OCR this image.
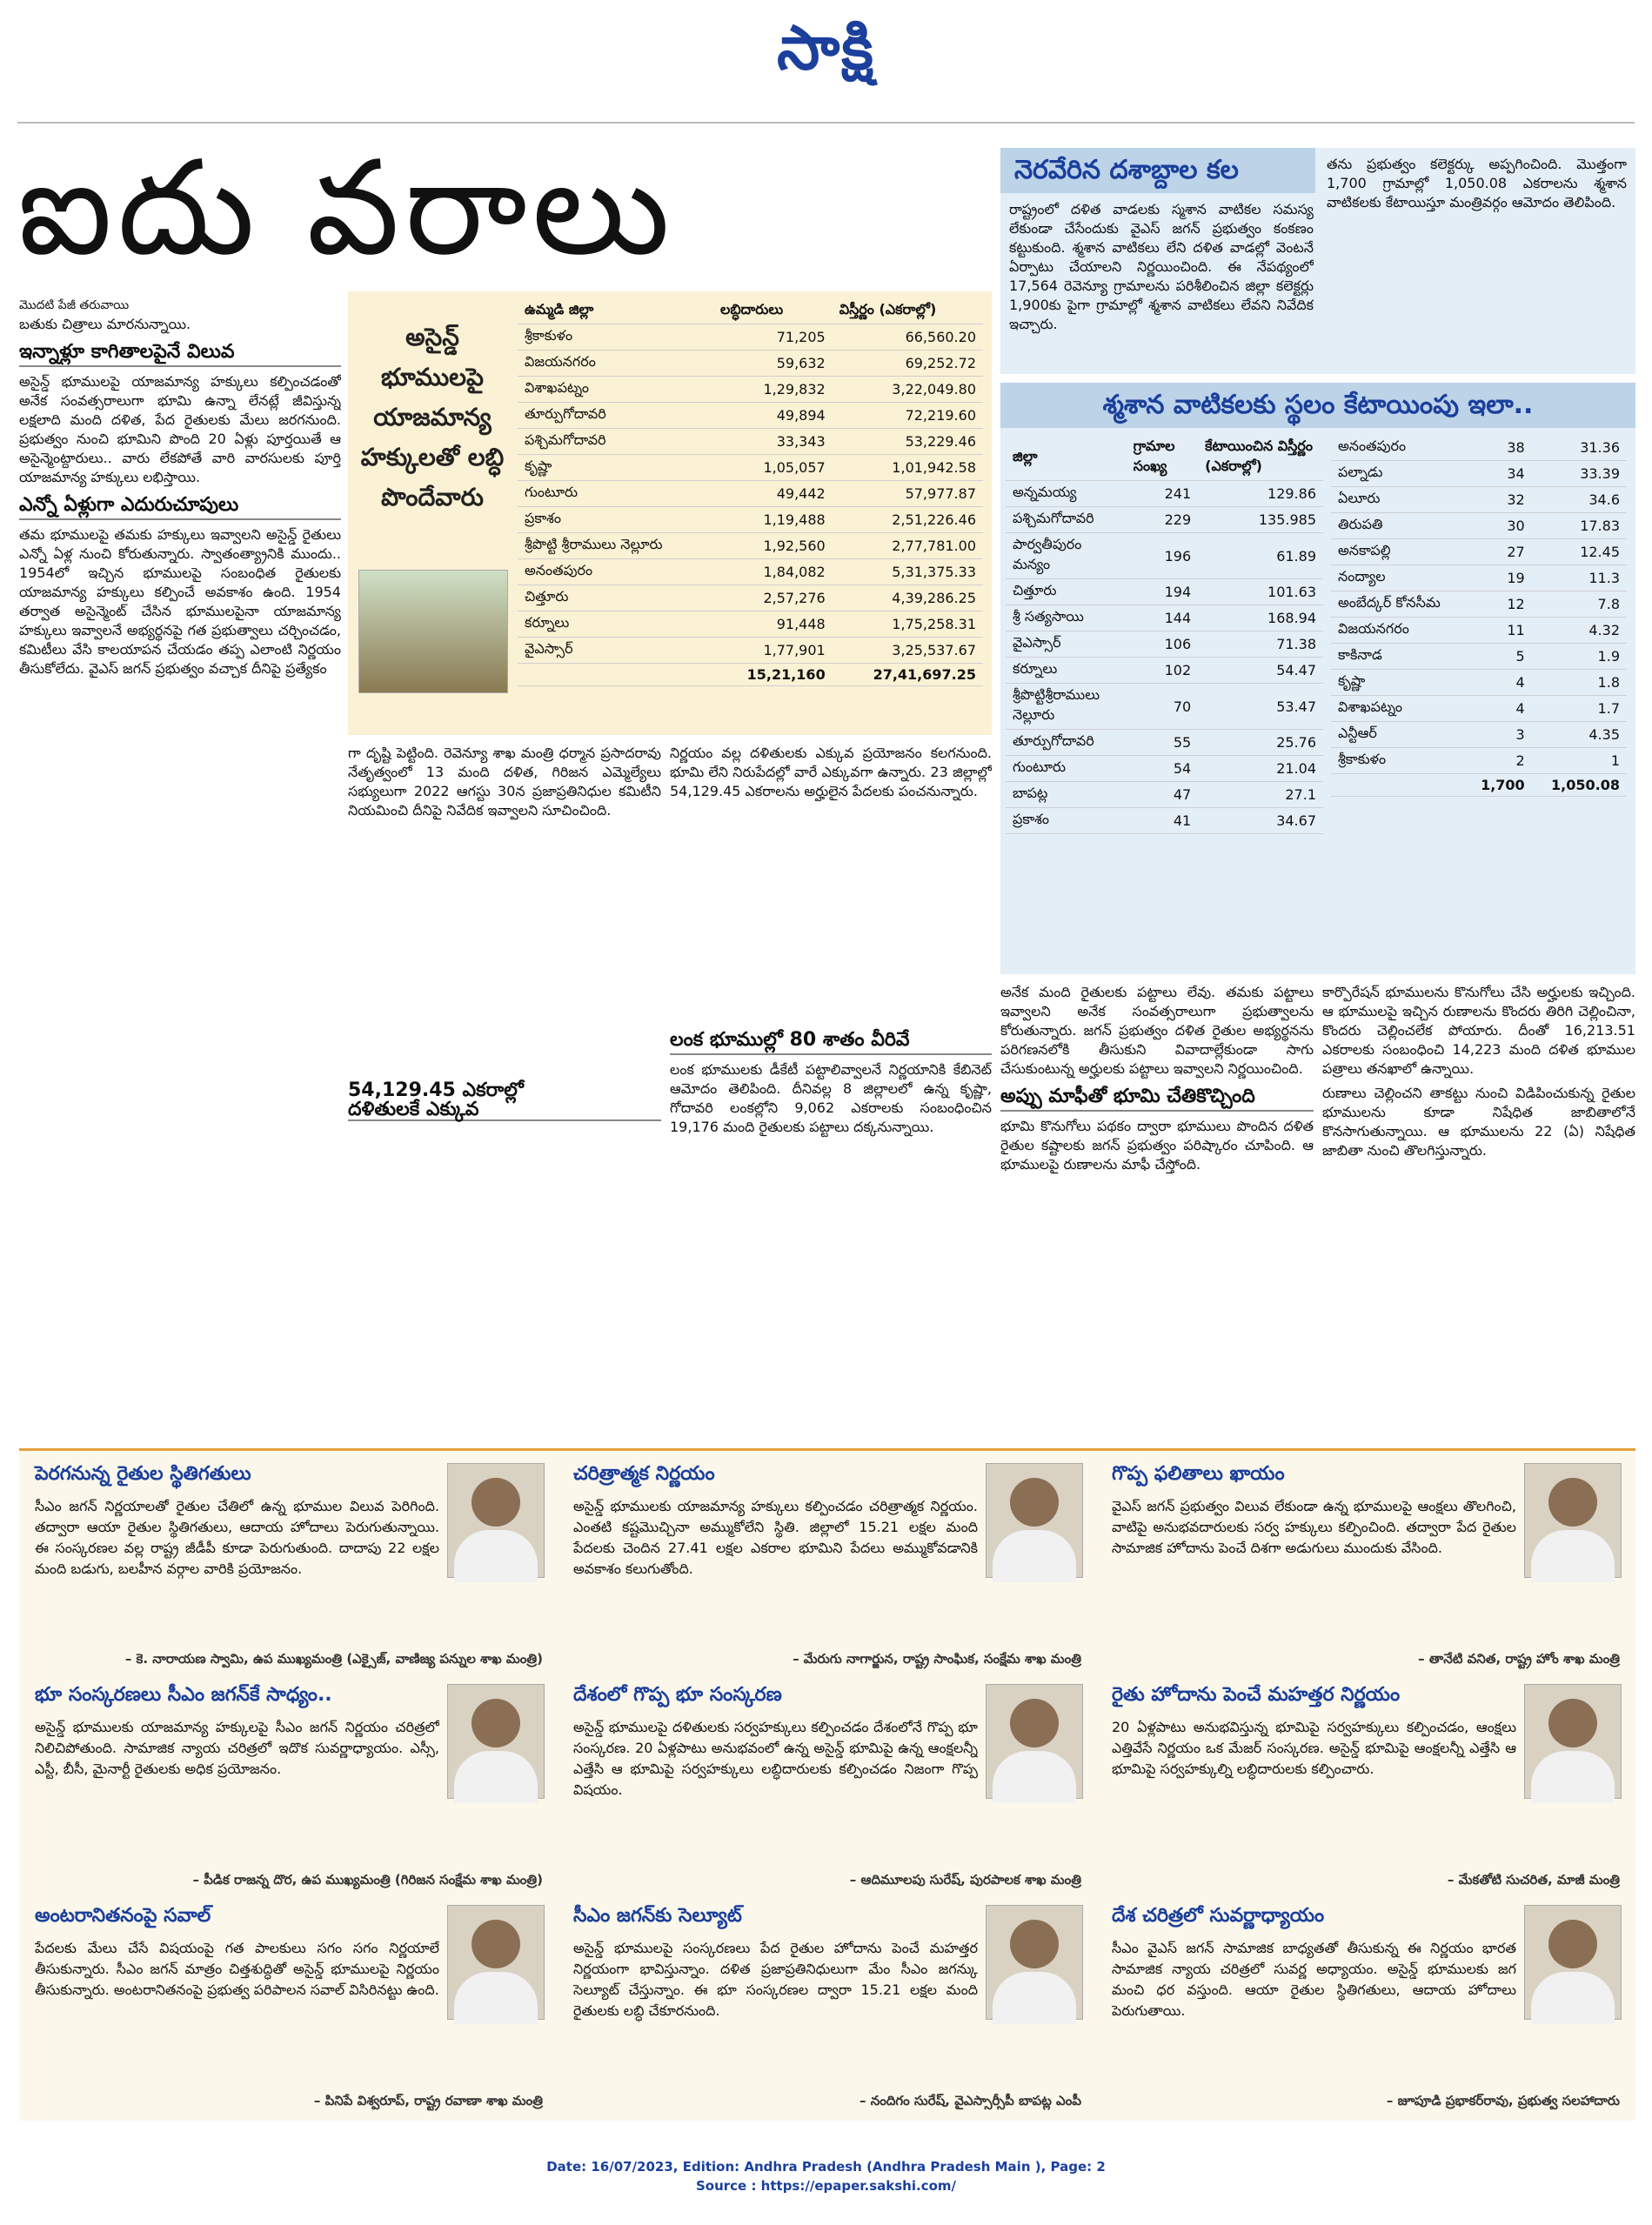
సాక్షి
ఐదు వరాలు
మొదటి పేజీ తరువాయి
బతుకు చిత్రాలు మారనున్నాయి.
ఇన్నాళ్లూ కాగితాలపైనే విలువ

అసైన్డ్ భూములపై యాజమాన్య హక్కులు కల్పించడంతో అనేక సంవత్సరాలుగా భూమి ఉన్నా లేనట్లే జీవిస్తున్న లక్షలాది మంది దళిత, పేద రైతులకు మేలు జరగనుంది. ప్రభుత్వం నుంచి భూమిని పొంది 20 ఏళ్లు పూర్తయితే ఆ అసైన్మెంట్దారులు.. వారు లేకపోతే వారి వారసులకు పూర్తి యాజమాన్య హక్కులు లభిస్తాయి.

ఎన్నో ఏళ్లుగా ఎదురుచూపులు

తమ భూములపై తమకు హక్కులు ఇవ్వాలని అసైన్డ్ రైతులు ఎన్నో ఏళ్ల నుంచి కోరుతున్నారు. స్వాతంత్య్రానికి ముందు.. 1954లో ఇచ్చిన భూములపై సంబంధిత రైతులకు యాజమాన్య హక్కులు కల్పించే అవకాశం ఉంది. 1954 తర్వాత అసైన్మెంట్ చేసిన భూములపైనా యాజమాన్య హక్కులు ఇవ్వాలనే అభ్యర్థనపై గత ప్రభుత్వాలు చర్చించడం, కమిటీలు వేసి కాలయాపన చేయడం తప్ప ఎలాంటి నిర్ణయం తీసుకోలేదు. వైఎస్ జగన్ ప్రభుత్వం వచ్చాక దీనిపై ప్రత్యేకం

అసైన్డ్ భూములపై యాజమాన్య హక్కులతో లబ్ధి పొందేవారు
ఉమ్మడి జిల్లా	లబ్ధిదారులు	విస్తీర్ణం (ఎకరాల్లో)
శ్రీకాకుళం	71,205	66,560.20
విజయనగరం	59,632	69,252.72
విశాఖపట్నం	1,29,832	3,22,049.80
తూర్పుగోదావరి	49,894	72,219.60
పశ్చిమగోదావరి	33,343	53,229.46
కృష్ణా	1,05,057	1,01,942.58
గుంటూరు	49,442	57,977.87
ప్రకాశం	1,19,488	2,51,226.46
శ్రీపొట్టి శ్రీరాములు నెల్లూరు	1,92,560	2,77,781.00
అనంతపురం	1,84,082	5,31,375.33
చిత్తూరు	2,57,276	4,39,286.25
కర్నూలు	91,448	1,75,258.31
వైఎస్సార్	1,77,901	3,25,537.67
	15,21,160	27,41,697.25

గా దృష్టి పెట్టింది. రెవెన్యూ శాఖ మంత్రి ధర్మాన ప్రసాదరావు నేతృత్వంలో 13 మంది దళిత, గిరిజన ఎమ్మెల్యేలు సభ్యులుగా 2022 ఆగస్టు 30న ప్రజాప్రతినిధుల కమిటీని నియమించి దీనిపై నివేదిక ఇవ్వాలని సూచించింది.

54,129.45 ఎకరాల్లో
దళితులకే ఎక్కువ

నిర్ణయం వల్ల దళితులకు ఎక్కువ ప్రయోజనం కలగనుంది. భూమి లేని నిరుపేదల్లో వారే ఎక్కువగా ఉన్నారు. 23 జిల్లాల్లో 54,129.45 ఎకరాలను అర్హులైన పేదలకు పంచనున్నారు.

లంక భూముల్లో 80 శాతం వీరివే

లంక భూములకు డీకేటీ పట్టాలివ్వాలనే నిర్ణయానికి కేబినెట్ ఆమోదం తెలిపింది. దీనివల్ల 8 జిల్లాలలో ఉన్న కృష్ణా, గోదావరి లంకల్లోని 9,062 ఎకరాలకు సంబంధించిన 19,176 మంది రైతులకు పట్టాలు దక్కనున్నాయి.

నెరవేరిన దశాబ్దాల కల

రాష్ట్రంలో దళిత వాడలకు స్మశాన వాటికల సమస్య లేకుండా చేసేందుకు వైఎస్ జగన్ ప్రభుత్వం కంకణం కట్టుకుంది. శ్మశాన వాటికలు లేని దళిత వాడల్లో వెంటనే ఏర్పాటు చేయాలని నిర్ణయించింది. ఈ నేపథ్యంలో 17,564 రెవెన్యూ గ్రామాలను పరిశీలించిన జిల్లా కలెక్టర్లు 1,900కు పైగా గ్రామాల్లో శ్మశాన వాటికలు లేవని నివేదిక ఇచ్చారు.

తను ప్రభుత్వం కలెక్టర్కు అప్పగించింది. మొత్తంగా 1,700 గ్రామాల్లో 1,050.08 ఎకరాలను శ్మశాన వాటికలకు కేటాయిస్తూ మంత్రివర్గం ఆమోదం తెలిపింది.

శ్మశాన వాటికలకు స్థలం కేటాయింపు ఇలా..
జిల్లా	గ్రామాల సంఖ్య	కేటాయించిన విస్తీర్ణం (ఎకరాల్లో)
అన్నమయ్య	241	129.86
పశ్చిమగోదావరి	229	135.985
పార్వతీపురం మన్యం	196	61.89
చిత్తూరు	194	101.63
శ్రీ సత్యసాయి	144	168.94
వైఎస్సార్	106	71.38
కర్నూలు	102	54.47
శ్రీపొట్టిశ్రీరాములు నెల్లూరు	70	53.47
తూర్పుగోదావరి	55	25.76
గుంటూరు	54	21.04
బాపట్ల	47	27.1
ప్రకాశం	41	34.67
అనంతపురం	38	31.36
పల్నాడు	34	33.39
ఏలూరు	32	34.6
తిరుపతి	30	17.83
అనకాపల్లి	27	12.45
నంద్యాల	19	11.3
అంబేద్కర్ కోనసీమ	12	7.8
విజయనగరం	11	4.32
కాకినాడ	5	1.9
కృష్ణా	4	1.8
విశాఖపట్నం	4	1.7
ఎన్టీఆర్	3	4.35
శ్రీకాకుళం	2	1
	1,700	1,050.08

అనేక మంది రైతులకు పట్టాలు లేవు. తమకు పట్టాలు ఇవ్వాలని అనేక సంవత్సరాలుగా ప్రభుత్వాలను కోరుతున్నారు. జగన్ ప్రభుత్వం దళిత రైతుల అభ్యర్థనను పరిగణనలోకి తీసుకుని వివాదాల్లేకుండా సాగు చేసుకుంటున్న అర్హులకు పట్టాలు ఇవ్వాలని నిర్ణయించింది.

అప్పు మాఫీతో భూమి చేతికొచ్చింది

భూమి కొనుగోలు పథకం ద్వారా భూములు పొందిన దళిత రైతుల కష్టాలకు జగన్ ప్రభుత్వం పరిష్కారం చూపింది. ఆ భూములపై రుణాలను మాఫీ చేస్తోంది.

కార్పొరేషన్ భూములను కొనుగోలు చేసి అర్హులకు ఇచ్చింది. ఆ భూములపై ఇచ్చిన రుణాలను కొందరు తిరిగి చెల్లించినా, కొందరు చెల్లించలేక పోయారు. దీంతో 16,213.51 ఎకరాలకు సంబంధించి 14,223 మంది దళిత భూముల పత్రాలు తనఖాలో ఉన్నాయి.

రుణాలు చెల్లించని తాకట్టు నుంచి విడిపించుకున్న రైతుల భూములను కూడా నిషేధిత జాబితాలోనే కొనసాగుతున్నాయి. ఆ భూములను 22 (ఏ) నిషేధిత జాబితా నుంచి తొలగిస్తున్నారు.

పెరగనున్న రైతుల స్థితిగతులు
సీఎం జగన్ నిర్ణయాలతో రైతుల చేతిలో ఉన్న భూముల విలువ పెరిగింది. తద్వారా ఆయా రైతుల స్థితిగతులు, ఆదాయ హోదాలు పెరుగుతున్నాయి. ఈ సంస్కరణల వల్ల రాష్ట్ర జీడీపీ కూడా పెరుగుతుంది. దాదాపు 22 లక్షల మంది బడుగు, బలహీన వర్గాల వారికి ప్రయోజనం.
– కె. నారాయణ స్వామి, ఉప ముఖ్యమంత్రి (ఎక్సైజ్, వాణిజ్య పన్నుల శాఖ మంత్రి)
చరిత్రాత్మక నిర్ణయం
అసైన్డ్ భూములకు యాజమాన్య హక్కులు కల్పించడం చరిత్రాత్మక నిర్ణయం. ఎంతటి కష్టమొచ్చినా అమ్ముకోలేని స్థితి. జిల్లాలో 15.21 లక్షల మంది పేదలకు చెందిన 27.41 లక్షల ఎకరాల భూమిని పేదలు అమ్ముకోవడానికి అవకాశం కలుగుతోంది.
– మేరుగు నాగార్జున, రాష్ట్ర సాంఘిక, సంక్షేమ శాఖ మంత్రి
గొప్ప ఫలితాలు ఖాయం
వైఎస్ జగన్ ప్రభుత్వం విలువ లేకుండా ఉన్న భూములపై ఆంక్షలు తొలగించి, వాటిపై అనుభవదారులకు సర్వ హక్కులు కల్పించింది. తద్వారా పేద రైతుల సామాజిక హోదాను పెంచే దిశగా అడుగులు ముందుకు వేసింది.
– తానేటి వనిత, రాష్ట్ర హోం శాఖ మంత్రి
భూ సంస్కరణలు సీఎం జగన్‌కే సాధ్యం..
అసైన్డ్ భూములకు యాజమాన్య హక్కులపై సీఎం జగన్ నిర్ణయం చరిత్రలో నిలిచిపోతుంది. సామాజిక న్యాయ చరిత్రలో ఇదొక సువర్ణాధ్యాయం. ఎస్సీ, ఎస్టీ, బీసీ, మైనార్టీ రైతులకు అధిక ప్రయోజనం.
– పీడిక రాజన్న దొర, ఉప ముఖ్యమంత్రి (గిరిజన సంక్షేమ శాఖ మంత్రి)
దేశంలో గొప్ప భూ సంస్కరణ
అసైన్డ్ భూములపై దళితులకు సర్వహక్కులు కల్పించడం దేశంలోనే గొప్ప భూ సంస్కరణ. 20 ఏళ్లపాటు అనుభవంలో ఉన్న అసైన్డ్ భూమిపై ఉన్న ఆంక్షలన్నీ ఎత్తేసి ఆ భూమిపై సర్వహక్కులు లబ్ధిదారులకు కల్పించడం నిజంగా గొప్ప విషయం.
– ఆదిమూలపు సురేష్, పురపాలక శాఖ మంత్రి
రైతు హోదాను పెంచే మహత్తర నిర్ణయం
20 ఏళ్లపాటు అనుభవిస్తున్న భూమిపై సర్వహక్కులు కల్పించడం, ఆంక్షలు ఎత్తివేసే నిర్ణయం ఒక మేజర్ సంస్కరణ. అసైన్డ్ భూమిపై ఆంక్షలన్నీ ఎత్తేసి ఆ భూమిపై సర్వహక్కుల్ని లబ్ధిదారులకు కల్పించారు.
– మేకతోటి సుచరిత, మాజీ మంత్రి
అంటరానితనంపై సవాల్
పేదలకు మేలు చేసే విషయంపై గత పాలకులు సగం సగం నిర్ణయాలే తీసుకున్నారు. సీఎం జగన్ మాత్రం చిత్తశుద్ధితో అసైన్డ్ భూములపై నిర్ణయం తీసుకున్నారు. అంటరానితనంపై ప్రభుత్వ పరిపాలన సవాల్ విసిరినట్టు ఉంది.
– పినిపే విశ్వరూప్, రాష్ట్ర రవాణా శాఖ మంత్రి
సీఎం జగన్‌కు సెల్యూట్
అసైన్డ్ భూములపై సంస్కరణలు పేద రైతుల హోదాను పెంచే మహత్తర నిర్ణయంగా భావిస్తున్నాం. దళిత ప్రజాప్రతినిధులుగా మేం సీఎం జగన్కు సెల్యూట్ చేస్తున్నాం. ఈ భూ సంస్కరణల ద్వారా 15.21 లక్షల మంది రైతులకు లబ్ధి చేకూరనుంది.
– నందిగం సురేష్, వైఎస్సార్సీపీ బాపట్ల ఎంపీ
దేశ చరిత్రలో సువర్ణాధ్యాయం
సీఎం వైఎస్ జగన్ సామాజిక బాధ్యతతో తీసుకున్న ఈ నిర్ణయం భారత సామాజిక న్యాయ చరిత్రలో సువర్ణ అధ్యాయం. అసైన్డ్ భూములకు జగ మంచి ధర వస్తుంది. ఆయా రైతుల స్థితిగతులు, ఆదాయ హోదాలు పెరుగుతాయి.
– జూపూడి ప్రభాకర్‌రావు, ప్రభుత్వ సలహాదారు
Date: 16/07/2023, Edition: Andhra Pradesh (Andhra Pradesh Main ), Page: 2
Source : https://epaper.sakshi.com/
